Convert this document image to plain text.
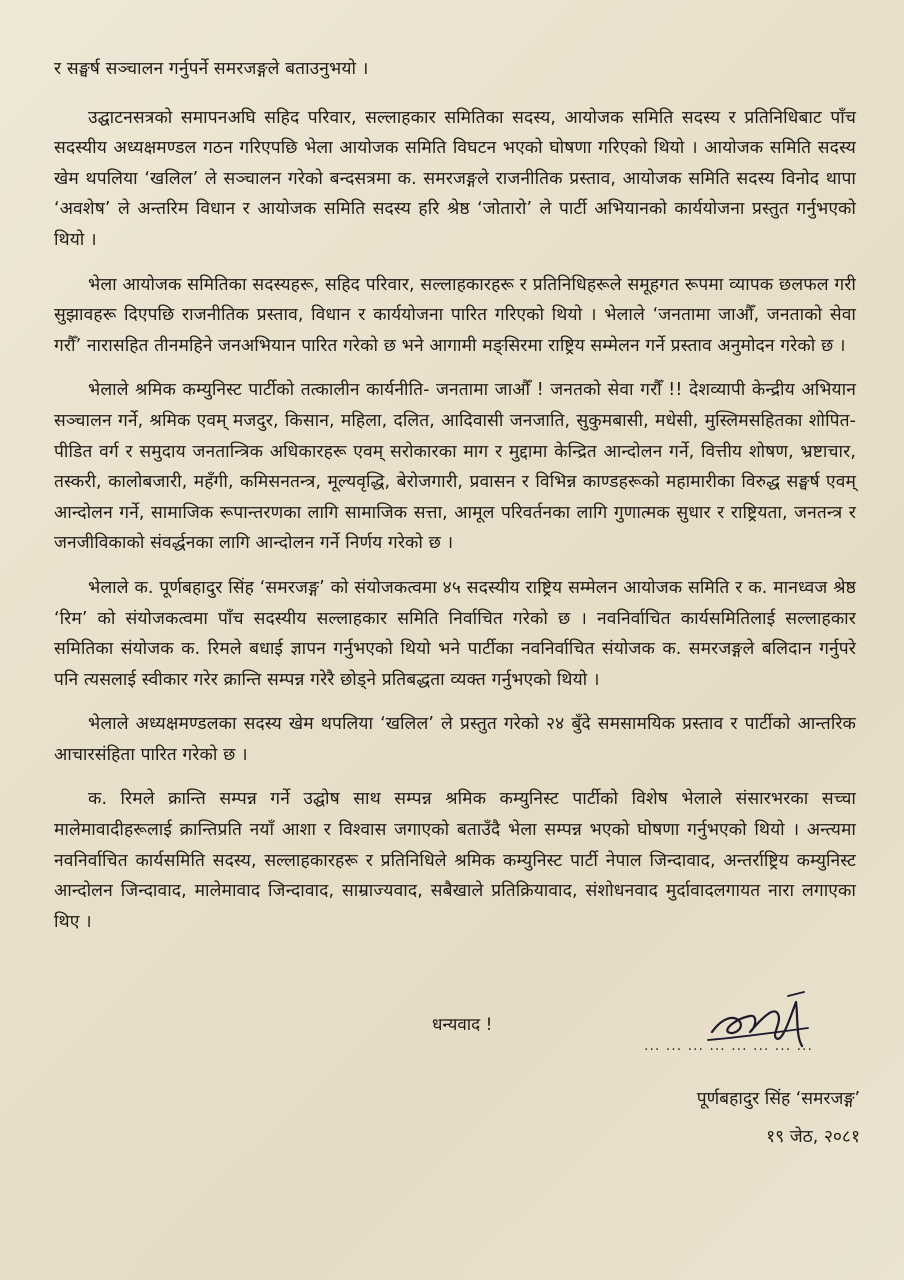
र सङ्घर्ष सञ्चालन गर्नुपर्ने समरजङ्गले बताउनुभयो ।

उद्घाटनसत्रको समापनअघि सहिद परिवार, सल्लाहकार समितिका सदस्य, आयोजक समिति सदस्य र प्रतिनिधिबाट पाँच सदस्यीय अध्यक्षमण्डल गठन गरिएपछि भेला आयोजक समिति विघटन भएको घोषणा गरिएको थियो । आयोजक समिति सदस्य खेम थपलिया ‘खलिल’ ले सञ्चालन गरेको बन्दसत्रमा क. समरजङ्गले राजनीतिक प्रस्ताव, आयोजक समिति सदस्य विनोद थापा ‘अवशेष’ ले अन्तरिम विधान र आयोजक समिति सदस्य हरि श्रेष्ठ ‘जोतारो’ ले पार्टी अभियानको कार्ययोजना प्रस्तुत गर्नुभएको थियो ।

भेला आयोजक समितिका सदस्यहरू, सहिद परिवार, सल्लाहकारहरू र प्रतिनिधिहरूले समूहगत रूपमा व्यापक छलफल गरी सुझावहरू दिएपछि राजनीतिक प्रस्ताव, विधान र कार्ययोजना पारित गरिएको थियो । भेलाले ‘जनतामा जाऔँ, जनताको सेवा गरौँ’ नारासहित तीनमहिने जनअभियान पारित गरेको छ भने आगामी मङ्सिरमा राष्ट्रिय सम्मेलन गर्ने प्रस्ताव अनुमोदन गरेको छ ।

भेलाले श्रमिक कम्युनिस्ट पार्टीको तत्कालीन कार्यनीति- जनतामा जाऔँ ! जनतको सेवा गरौँ !! देशव्यापी केन्द्रीय अभियान सञ्चालन गर्ने, श्रमिक एवम् मजदुर, किसान, महिला, दलित, आदिवासी जनजाति, सुकुमबासी, मधेसी, मुस्लिमसहितका शोपित-पीडित वर्ग र समुदाय जनतान्त्रिक अधिकारहरू एवम् सरोकारका माग र मुद्दामा केन्द्रित आन्दोलन गर्ने, वित्तीय शोषण, भ्रष्टाचार, तस्करी, कालोबजारी, महँगी, कमिसनतन्त्र, मूल्यवृद्धि, बेरोजगारी, प्रवासन र विभिन्न काण्डहरूको महामारीका विरुद्ध सङ्घर्ष एवम् आन्दोलन गर्ने, सामाजिक रूपान्तरणका लागि सामाजिक सत्ता, आमूल परिवर्तनका लागि गुणात्मक सुधार र राष्ट्रियता, जनतन्त्र र जनजीविकाको संवर्द्धनका लागि आन्दोलन गर्ने निर्णय गरेको छ ।

भेलाले क. पूर्णबहादुर सिंह ‘समरजङ्ग’ को संयोजकत्वमा ४५ सदस्यीय राष्ट्रिय सम्मेलन आयोजक समिति र क. मानध्वज श्रेष्ठ ‘रिम’ को संयोजकत्वमा पाँच सदस्यीय सल्लाहकार समिति निर्वाचित गरेको छ । नवनिर्वाचित कार्यसमितिलाई सल्लाहकार समितिका संयोजक क. रिमले बधाई ज्ञापन गर्नुभएको थियो भने पार्टीका नवनिर्वाचित संयोजक क. समरजङ्गले बलिदान गर्नुपरे पनि त्यसलाई स्वीकार गरेर क्रान्ति सम्पन्न गरेरै छोड्ने प्रतिबद्धता व्यक्त गर्नुभएको थियो ।

भेलाले अध्यक्षमण्डलका सदस्य खेम थपलिया ‘खलिल’ ले प्रस्तुत गरेको २४ बुँदे समसामयिक प्रस्ताव र पार्टीको आन्तरिक आचारसंहिता पारित गरेको छ ।

क. रिमले क्रान्ति सम्पन्न गर्ने उद्घोष साथ सम्पन्न श्रमिक कम्युनिस्ट पार्टीको विशेष भेलाले संसारभरका सच्चा मालेमावादीहरूलाई क्रान्तिप्रति नयाँ आशा र विश्वास जगाएको बताउँदै भेला सम्पन्न भएको घोषणा गर्नुभएको थियो । अन्त्यमा नवनिर्वाचित कार्यसमिति सदस्य, सल्लाहकारहरू र प्रतिनिधिले श्रमिक कम्युनिस्ट पार्टी नेपाल जिन्दावाद, अन्तर्राष्ट्रिय कम्युनिस्ट आन्दोलन जिन्दावाद, मालेमावाद जिन्दावाद, साम्राज्यवाद, सबैखाले प्रतिक्रियावाद, संशोधनवाद मुर्दावादलगायत नारा लगाएका थिए ।

धन्यवाद !
... ... ... ... ... ... ... ...
पूर्णबहादुर सिंह ‘समरजङ्ग’
१९ जेठ, २०८१
